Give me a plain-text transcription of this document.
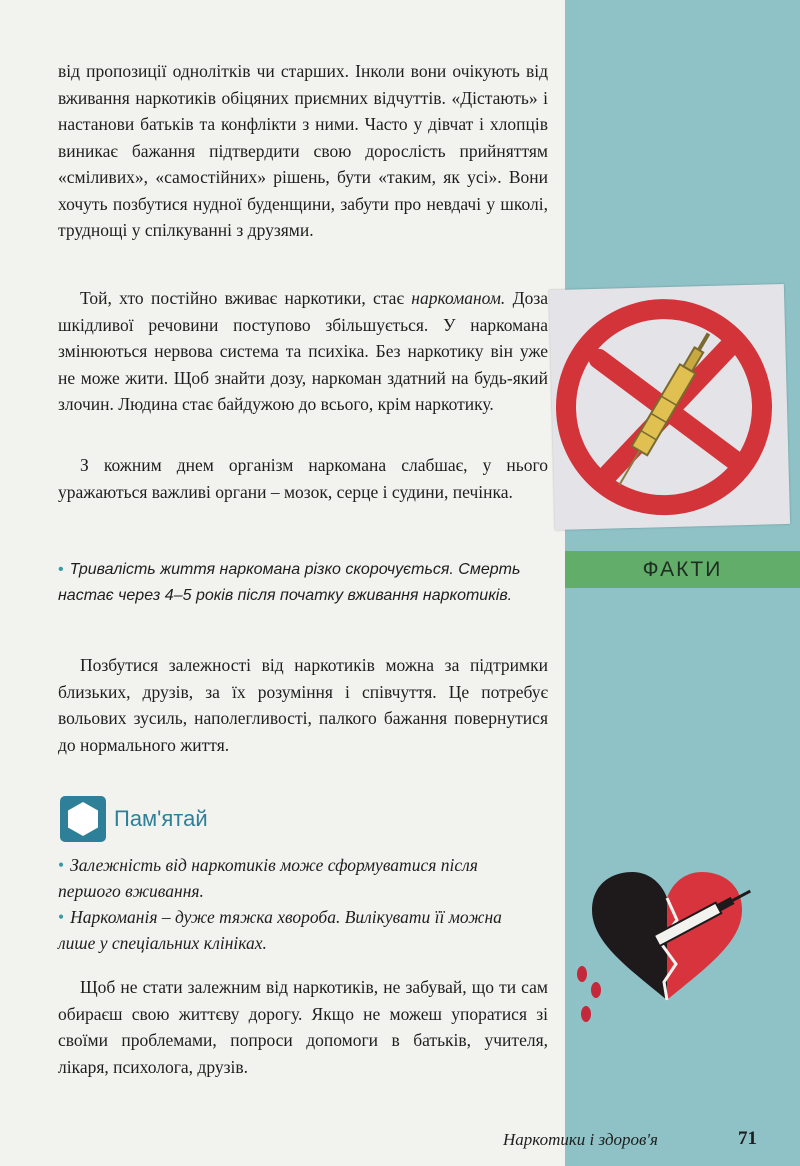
від пропозиції однолітків чи старших. Інколи вони очікують від вживання наркотиків обіцяних приємних відчуттів. «Дістають» і настанови батьків та конфлікти з ними. Часто у дівчат і хлопців виникає бажання підтвердити свою дорослість прийняттям «сміливих», «самостійних» рішень, бути «таким, як усі». Вони хочуть позбутися нудної буденщини, забути про невдачі у школі, труднощі у спілкуванні з друзями.

Той, хто постійно вживає наркотики, стає наркоманом. Доза шкідливої речовини поступово збільшується. У наркомана змінюються нервова система та психіка. Без наркотику він уже не може жити. Щоб знайти дозу, наркоман здатний на будь-який злочин. Людина стає байдужою до всього, крім наркотику.

З кожним днем організм наркомана слабшає, у нього уражаються важливі органи – мозок, серце і судини, печінка.

• Тривалість життя наркомана різко скорочується. Смерть настає через 4–5 років після початку вживання наркотиків.

Позбутися залежності від наркотиків можна за підтримки близьких, друзів, за їх розуміння і співчуття. Це потребує вольових зусиль, наполегливості, палкого бажання повернутися до нормального життя.

Пам'ятай

• Залежність від наркотиків може сформуватися після першого вживання.

• Наркоманія – дуже тяжка хвороба. Вилікувати її можна лише у спеціальних клініках.

Щоб не стати залежним від наркотиків, не забувай, що ти сам обираєш свою життєву дорогу. Якщо не можеш упоратися зі своїми проблемами, попроси допомоги в батьків, учителя, лікаря, психолога, друзів.

ФАКТИ
Наркотики і здоров'я	71
